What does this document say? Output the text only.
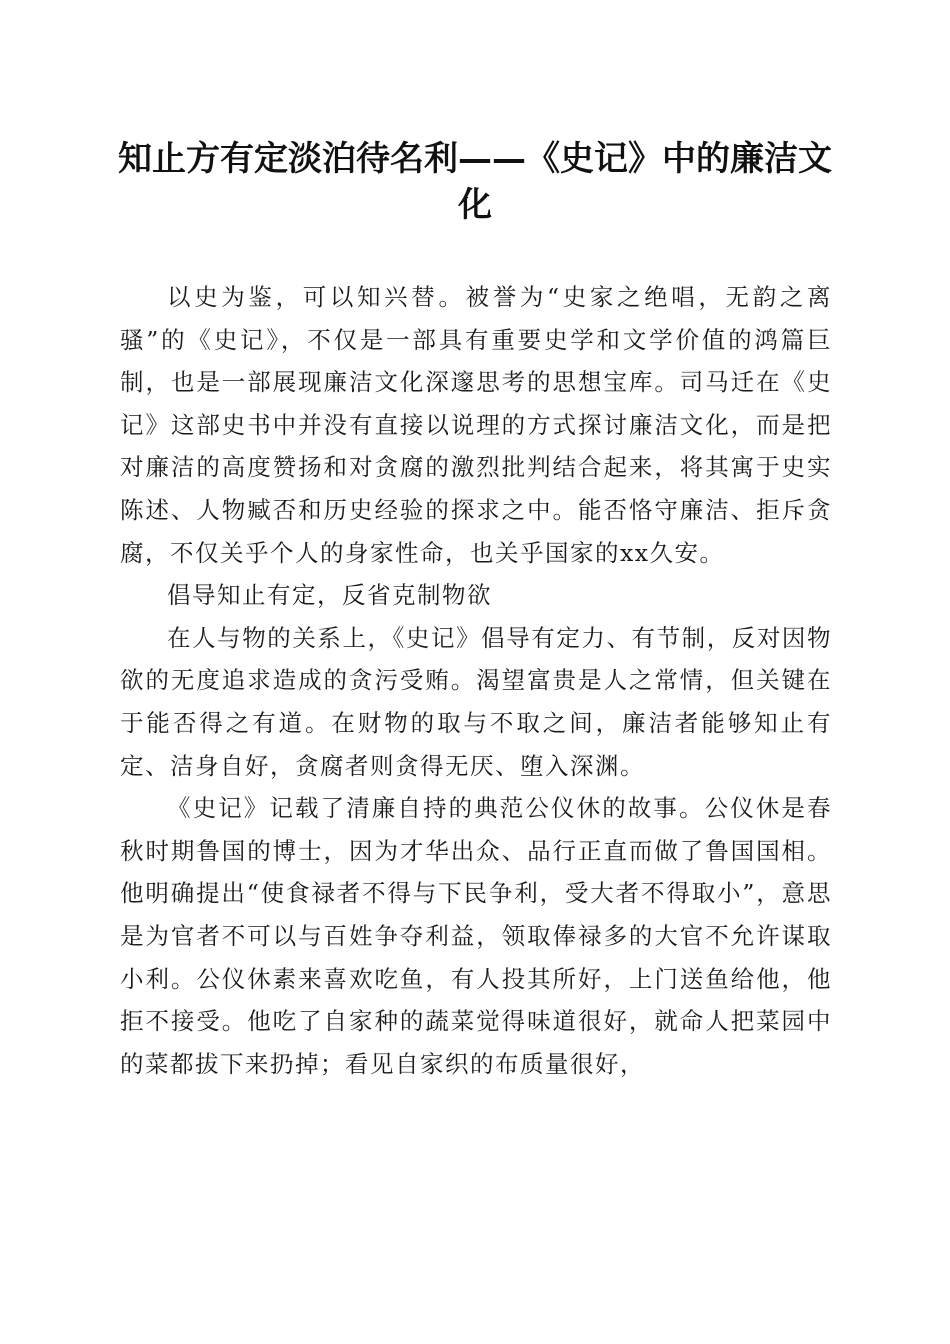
知止方有定淡泊待名利——《史记》中的廉洁文化

以史为鉴，可以知兴替。被誉为“史家之绝唱，无韵之离骚”的《史记》，不仅是一部具有重要史学和文学价值的鸿篇巨制，也是一部展现廉洁文化深邃思考的思想宝库。司马迁在《史记》这部史书中并没有直接以说理的方式探讨廉洁文化，而是把对廉洁的高度赞扬和对贪腐的激烈批判结合起来，将其寓于史实陈述、人物臧否和历史经验的探求之中。能否恪守廉洁、拒斥贪腐，不仅关乎个人的身家性命，也关乎国家的xx久安。

倡导知止有定，反省克制物欲

在人与物的关系上，《史记》倡导有定力、有节制，反对因物欲的无度追求造成的贪污受贿。渴望富贵是人之常情，但关键在于能否得之有道。在财物的取与不取之间，廉洁者能够知止有定、洁身自好，贪腐者则贪得无厌、堕入深渊。

《史记》记载了清廉自持的典范公仪休的故事。公仪休是春秋时期鲁国的博士，因为才华出众、品行正直而做了鲁国国相。他明确提出“使食禄者不得与下民争利，受大者不得取小”，意思是为官者不可以与百姓争夺利益，领取俸禄多的大官不允许谋取小利。公仪休素来喜欢吃鱼，有人投其所好，上门送鱼给他，他拒不接受。他吃了自家种的蔬菜觉得味道很好，就命人把菜园中的菜都拔下来扔掉；看见自家织的布质量很好，
